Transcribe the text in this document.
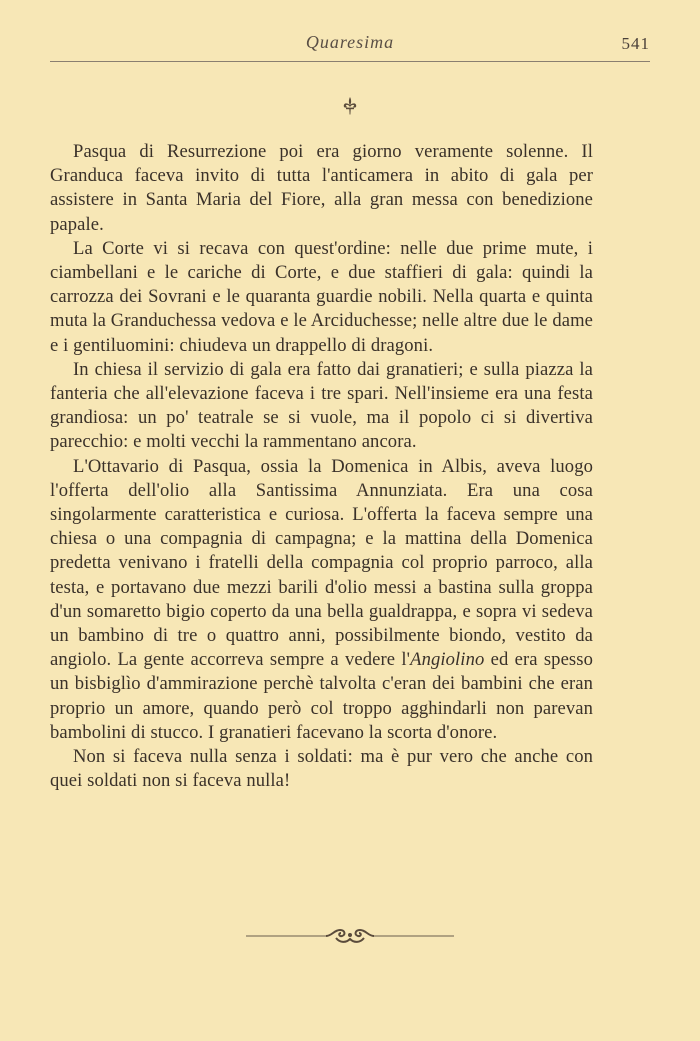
Quaresima	541

Pasqua di Resurrezione poi era giorno veramente solenne. Il Granduca faceva invito di tutta l'anticamera in abito di gala per assistere in Santa Maria del Fiore, alla gran messa con benedizione papale.

La Corte vi si recava con quest'ordine: nelle due prime mute, i ciambellani e le cariche di Corte, e due staffieri di gala: quindi la carrozza dei Sovrani e le quaranta guardie nobili. Nella quarta e quinta muta la Granduchessa vedova e le Arciduchesse; nelle altre due le dame e i gentiluomini: chiudeva un drappello di dragoni.

In chiesa il servizio di gala era fatto dai granatieri; e sulla piazza la fanteria che all'elevazione faceva i tre spari. Nell'insieme era una festa grandiosa: un po' teatrale se si vuole, ma il popolo ci si divertiva parecchio: e molti vecchi la rammentano ancora.

L'Ottavario di Pasqua, ossia la Domenica in Albis, aveva luogo l'offerta dell'olio alla Santissima Annunziata. Era una cosa singolarmente caratteristica e curiosa. L'offerta la faceva sempre una chiesa o una compagnia di campagna; e la mattina della Domenica predetta venivano i fratelli della compagnia col proprio parroco, alla testa, e portavano due mezzi barili d'olio messi a bastina sulla groppa d'un somaretto bigio coperto da una bella gualdrappa, e sopra vi sedeva un bambino di tre o quattro anni, possibilmente biondo, vestito da angiolo. La gente accorreva sempre a vedere l'Angiolino ed era spesso un bisbiglìo d'ammirazione perchè talvolta c'eran dei bambini che eran proprio un amore, quando però col troppo agghindarli non parevan bambolini di stucco. I granatieri facevano la scorta d'onore.

Non si faceva nulla senza i soldati: ma è pur vero che anche con quei soldati non si faceva nulla!
